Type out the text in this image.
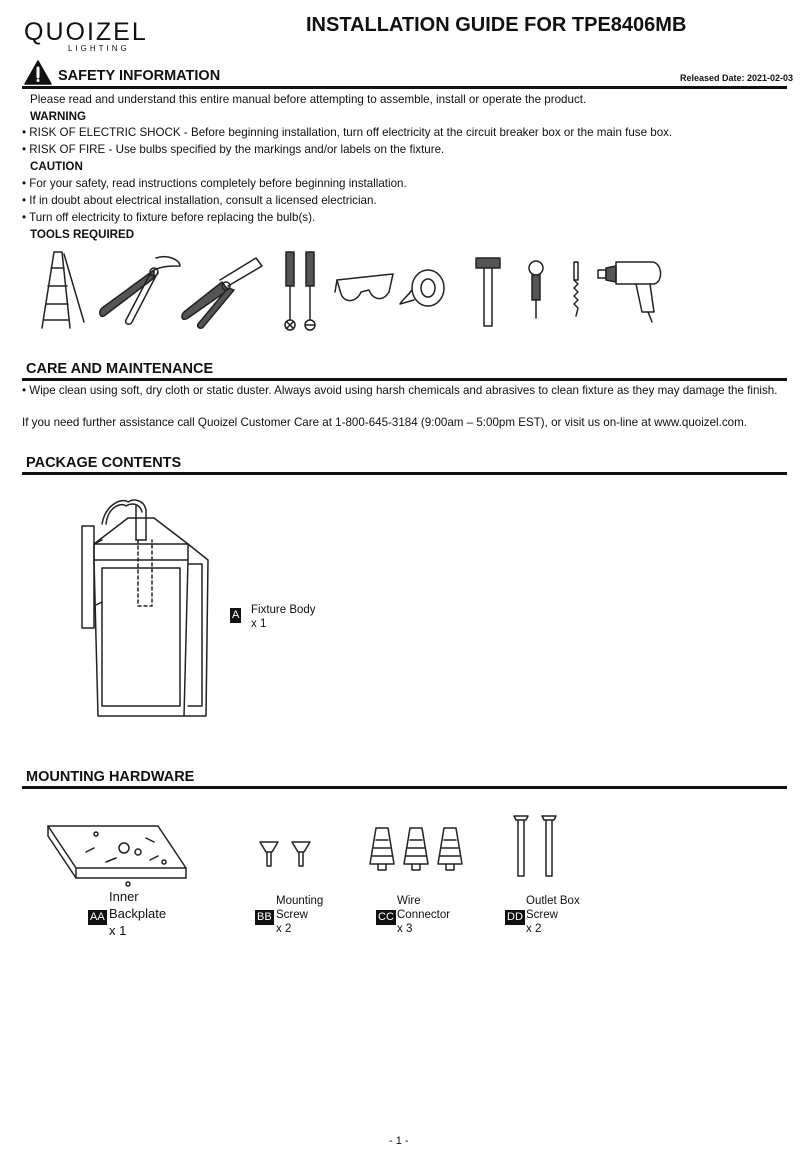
QUOIZEL
LIGHTING
INSTALLATION GUIDE FOR TPE8406MB
SAFETY INFORMATION	Released Date: 2021-02-03
Please read and understand this entire manual before attempting to assemble, install or operate the product.
WARNING
• RISK OF ELECTRIC SHOCK - Before beginning installation, turn off electricity at the circuit breaker box or the main fuse box.
• RISK OF FIRE - Use bulbs specified by the markings and/or labels on the fixture.
CAUTION
• For your safety, read instructions completely before beginning installation.
• If in doubt about electrical installation, consult a licensed electrician.
• Turn off electricity to fixture before replacing the bulb(s).
TOOLS REQUIRED
CARE AND MAINTENANCE
• Wipe clean using soft, dry cloth or static duster. Always avoid using harsh chemicals and abrasives to clean fixture as they may damage the finish.
If you need further assistance call Quoizel Customer Care at 1-800-645-3184 (9:00am – 5:00pm EST), or visit us on-line at www.quoizel.com.
PACKAGE CONTENTS
A Fixture Body
x 1
MOUNTING HARDWARE
AA
Inner
Backplate
x 1
BB
Mounting
Screw
x 2
CC
Wire
Connector
x 3
DD
Outlet Box
Screw
x 2
- 1 -
